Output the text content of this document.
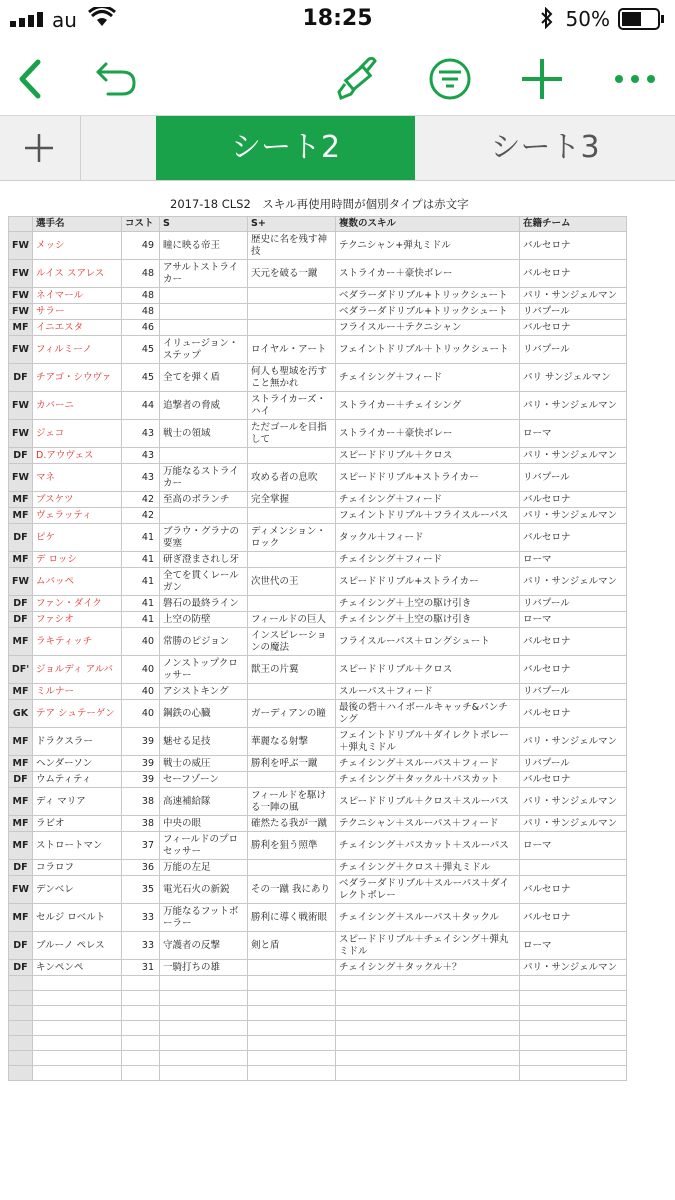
au	18:25	50%
シート2	シート3
2017-18 CLS2　スキル再使用時間が個別タイプは赤文字
	選手名	コスト	S	S+	複数のスキル	在籍チーム
FW	メッシ	49	瞳に映る帝王	歴史に名を残す神技	テクニシャン+弾丸ミドル	バルセロナ
FW	ルイス スアレス	48	アサルトストライカー	天元を破る一蹴	ストライカー＋豪快ボレー	バルセロナ
FW	ネイマール	48			ベダラーダドリブル+トリックシュート	パリ・サンジェルマン
FW	サラー	48			ベダラーダドリブル+トリックシュート	リバプール
MF	イニエスタ	46			フライスルー＋テクニシャン	バルセロナ
FW	フィルミーノ	45	イリュージョン・ステップ	ロイヤル・アート	フェイントドリブル＋トリックシュート	リバプール
DF	チアゴ・シウヴァ	45	全てを弾く盾	何人も聖域を汚すこと無かれ	チェイシング＋フィード	パリ サンジェルマン
FW	カバーニ	44	追撃者の脅威	ストライカーズ・ハイ	ストライカー＋チェイシング	パリ・サンジェルマン
FW	ジェコ	43	戦士の領域	ただゴールを目指して	ストライカー＋豪快ボレー	ローマ
DF	D.アウヴェス	43			スピードドリブル＋クロス	パリ・サンジェルマン
FW	マネ	43	万能なるストライカー	攻める者の息吹	スピードドリブル+ストライカー	リバプール
MF	ブスケツ	42	至高のボランチ	完全掌握	チェイシング＋フィード	バルセロナ
MF	ヴェラッティ	42			フェイントドリブル＋フライスルーパス	パリ・サンジェルマン
DF	ピケ	41	ブラウ・グラナの要塞	ディメンション・ロック	タックル＋フィード	バルセロナ
MF	デ ロッシ	41	研ぎ澄まされし牙		チェイシング＋フィード	ローマ
FW	ムバッペ	41	全てを貫くレールガン	次世代の王	スピードドリブル+ストライカー	パリ・サンジェルマン
DF	ファン・ダイク	41	磐石の最終ライン		チェイシング＋上空の駆け引き	リバプール
DF	ファシオ	41	上空の防壁	フィールドの巨人	チェイシング＋上空の駆け引き	ローマ
MF	ラキティッチ	40	常勝のピジョン	インスピレーションの魔法	フライスルーパス＋ロングシュート	バルセロナ
DF'	ジョルディ アルバ	40	ノンストップクロッサー	獣王の片翼	スピードドリブル＋クロス	バルセロナ
MF	ミルナー	40	アシストキング		スルーパス＋フィード	リバプール
GK	テア シュテーゲン	40	鋼鉄の心臓	ガーディアンの瞳	最後の砦＋ハイボールキャッチ&パンチング	バルセロナ
MF	ドラクスラー	39	魅せる足技	華麗なる射撃	フェイントドリブル＋ダイレクトボレー＋弾丸ミドル	パリ・サンジェルマン
MF	ヘンダーソン	39	戦士の威圧	勝利を呼ぶ一蹴	チェイシング＋スルーパス＋フィード	リバプール
DF	ウムティティ	39	セーフゾーン		チェイシング＋タックル＋パスカット	バルセロナ
MF	ディ マリア	38	高速補給隊	フィールドを駆ける一陣の風	スピードドリブル＋クロス＋スルーパス	パリ・サンジェルマン
MF	ラビオ	38	中央の眼	確然たる我が一蹴	テクニシャン＋スルーパス＋フィード	パリ・サンジェルマン
MF	ストロートマン	37	フィールドのプロセッサー	勝利を狙う照準	チェイシング＋パスカット＋スルーパス	ローマ
DF	コラロフ	36	万能の左足		チェイシング＋クロス＋弾丸ミドル	
FW	デンベレ	35	電光石火の新鋭	その一蹴 我にあり	ベダラーダドリブル＋スルーパス＋ダイレクトボレー	バルセロナ
MF	セルジ ロベルト	33	万能なるフットボーラー	勝利に導く戦術眼	チェイシング＋スルーパス＋タックル	バルセロナ
DF	ブルーノ ペレス	33	守護者の反撃	剣と盾	スピードドリブル＋チェイシング＋弾丸ミドル	ローマ
DF	キンペンペ	31	一騎打ちの雄		チェイシング＋タックル＋？	パリ・サンジェルマン
